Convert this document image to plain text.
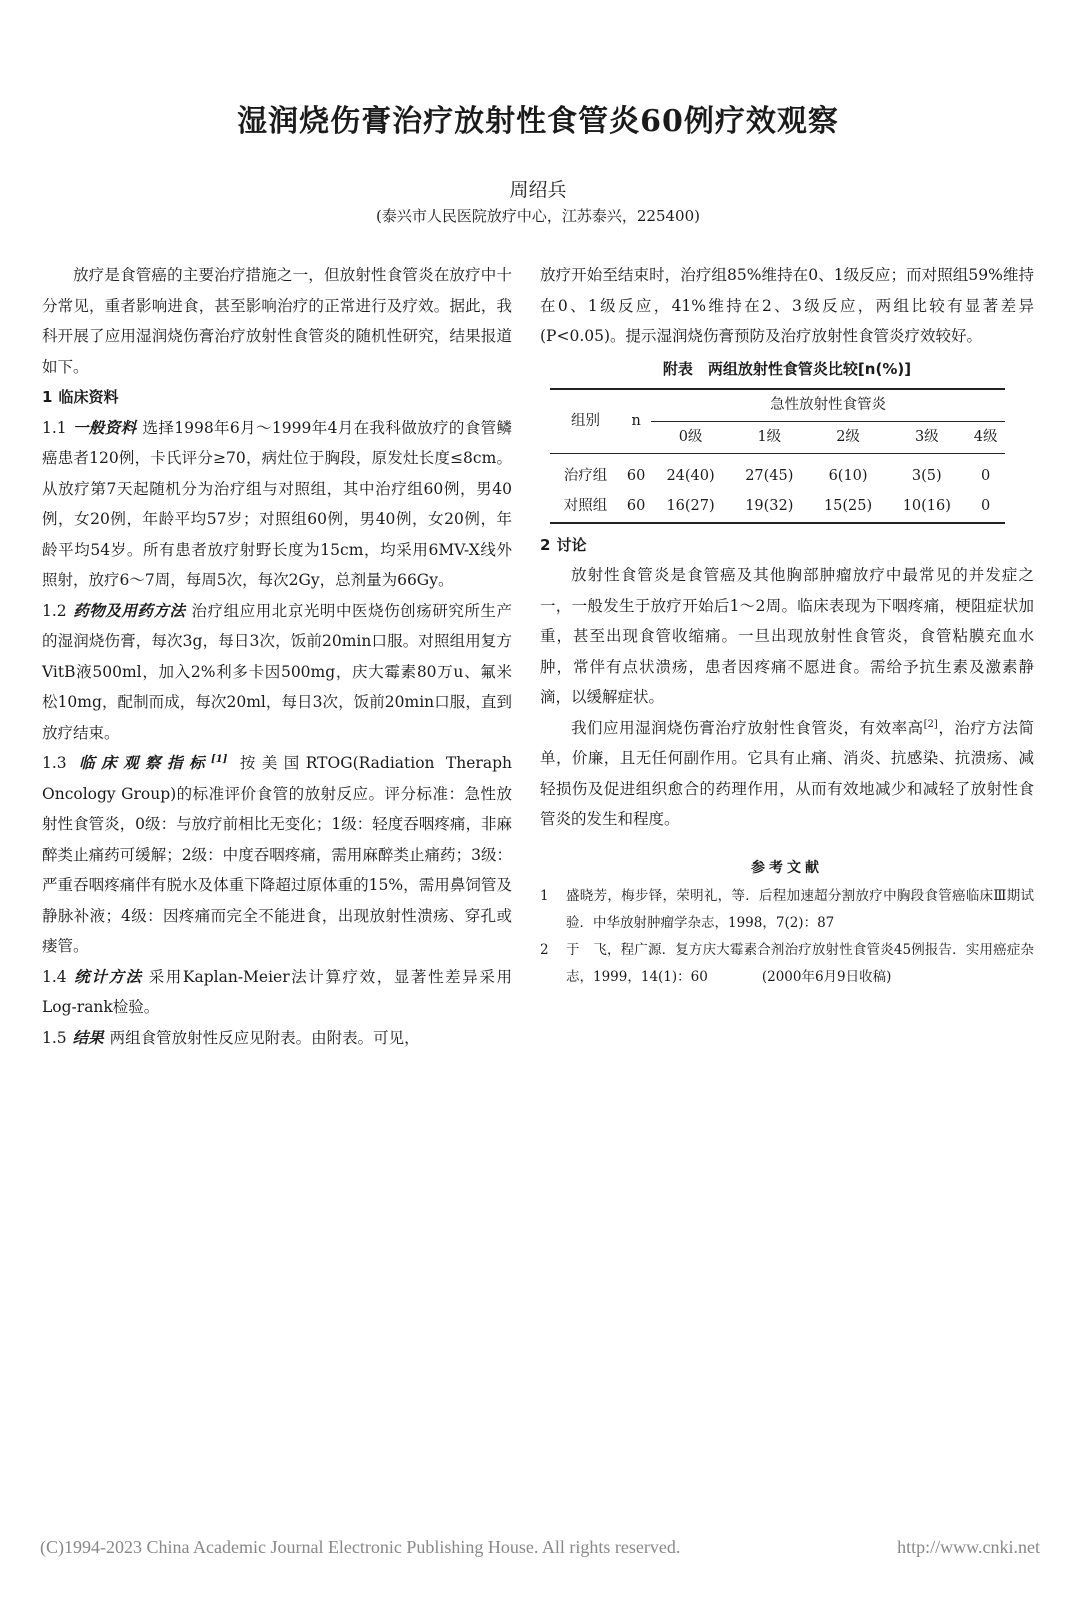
湿润烧伤膏治疗放射性食管炎60例疗效观察
周绍兵
(泰兴市人民医院放疗中心，江苏泰兴，225400)

放疗是食管癌的主要治疗措施之一，但放射性食管炎在放疗中十分常见，重者影响进食，甚至影响治疗的正常进行及疗效。据此，我科开展了应用湿润烧伤膏治疗放射性食管炎的随机性研究，结果报道如下。

1 临床资料

1.1 一般资料 选择1998年6月～1999年4月在我科做放疗的食管鳞癌患者120例，卡氏评分≥70，病灶位于胸段，原发灶长度≤8cm。从放疗第7天起随机分为治疗组与对照组，其中治疗组60例，男40例，女20例，年龄平均57岁；对照组60例，男40例，女20例，年龄平均54岁。所有患者放疗射野长度为15cm，均采用6MV-X线外照射，放疗6～7周，每周5次，每次2Gy，总剂量为66Gy。

1.2 药物及用药方法 治疗组应用北京光明中医烧伤创疡研究所生产的湿润烧伤膏，每次3g，每日3次，饭前20min口服。对照组用复方VitB液500ml，加入2%利多卡因500mg，庆大霉素80万u、氟米松10mg，配制而成，每次20ml，每日3次，饭前20min口服，直到放疗结束。

1.3 临床观察指标[1] 按美国RTOG(Radiation Theraph Oncology Group)的标准评价食管的放射反应。评分标准：急性放射性食管炎，0级：与放疗前相比无变化；1级：轻度吞咽疼痛，非麻醉类止痛药可缓解；2级：中度吞咽疼痛，需用麻醉类止痛药；3级：严重吞咽疼痛伴有脱水及体重下降超过原体重的15%，需用鼻饲管及静脉补液；4级：因疼痛而完全不能进食，出现放射性溃疡、穿孔或瘘管。

1.4 统计方法 采用Kaplan-Meier法计算疗效，显著性差异采用Log-rank检验。

1.5 结果 两组食管放射性反应见附表。由附表。可见，

放疗开始至结束时，治疗组85%维持在0、1级反应；而对照组59%维持在0、1级反应，41%维持在2、3级反应，两组比较有显著差异(P<0.05)。提示湿润烧伤膏预防及治疗放射性食管炎疗效较好。

附表　两组放射性食管炎比较[n(%)]
组别	n	急性放射性食管炎				
		0级	1级	2级	3级	4级
治疗组	60	24(40)	27(45)	6(10)	3(5)	0
对照组	60	16(27)	19(32)	15(25)	10(16)	0

2 讨论

放射性食管炎是食管癌及其他胸部肿瘤放疗中最常见的并发症之一，一般发生于放疗开始后1～2周。临床表现为下咽疼痛，梗阻症状加重，甚至出现食管收缩痛。一旦出现放射性食管炎，食管粘膜充血水肿，常伴有点状溃疡，患者因疼痛不愿进食。需给予抗生素及激素静滴，以缓解症状。

我们应用湿润烧伤膏治疗放射性食管炎，有效率高[2]，治疗方法简单，价廉，且无任何副作用。它具有止痛、消炎、抗感染、抗溃疡、减轻损伤及促进组织愈合的药理作用，从而有效地减少和减轻了放射性食管炎的发生和程度。

参考文献
1	盛晓芳，梅步铎，荣明礼，等．后程加速超分割放疗中胸段食管癌临床Ⅲ期试验．中华放射肿瘤学杂志，1998，7(2)：87
2	于　飞，程广源．复方庆大霉素合剂治疗放射性食管炎45例报告．实用癌症杂志，1999，14(1)：60　　　　(2000年6月9日收稿)
(C)1994-2023 China Academic Journal Electronic Publishing House. All rights reserved.	http://www.cnki.net
